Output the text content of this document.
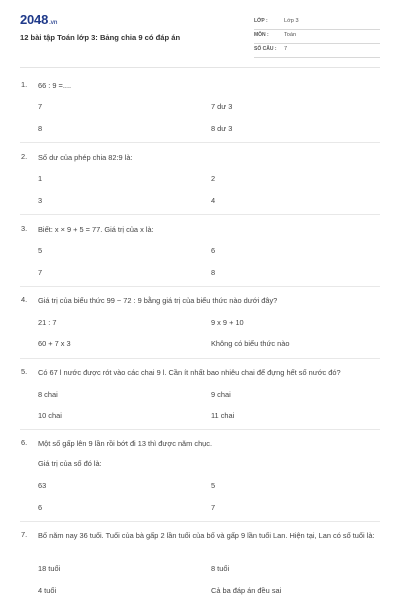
2048.vn
12 bài tập Toán lớp 3: Bảng chia 9 có đáp án
LỚP :	Lớp 3
MÔN :	Toán
SỐ CÂU : 7
1. 66 : 9 =....
7	7 dư 3
8	8 dư 3
2. Số dư của phép chia 82:9 là:
1	2
3	4
3. Biết: x × 9 + 5 = 77. Giá trị của x là:
5	6
7	8
4. Giá trị của biểu thức 99 − 72 : 9 bằng giá trị của biểu thức nào dưới đây?
21 : 7	9 x 9 + 10
60 + 7 x 3	Không có biểu thức nào
5. Có 67 l nước được rót vào các chai 9 l. Cần ít nhất bao nhiêu chai để đựng hết số nước đó?
8 chai	9 chai
10 chai	11 chai
6. Một số gấp lên 9 lần rồi bớt đi 13 thì được năm chục.
Giá trị của số đó là:
63	5
6	7
7. Bố năm nay 36 tuổi. Tuổi của bà gấp 2 lần tuổi của bố và gấp 9 lần tuổi Lan. Hiện tại, Lan có số tuổi là:
18 tuổi	8 tuổi
4 tuổi	Cả ba đáp án đều sai
